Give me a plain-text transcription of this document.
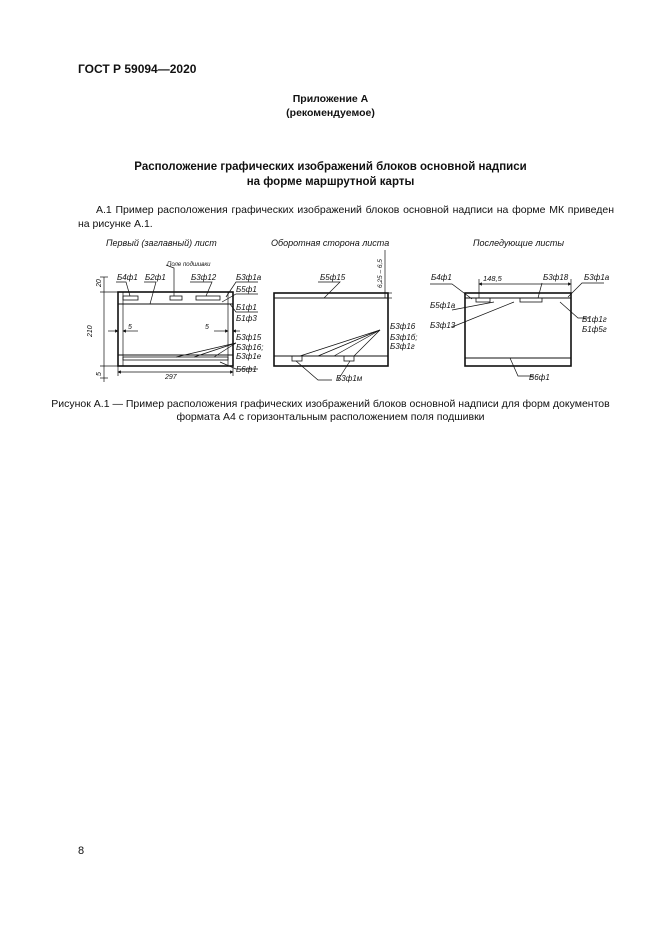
ГОСТ Р 59094—2020
Приложение А
(рекомендуемое)
Расположение графических изображений блоков основной надписи
на форме маршрутной карты
А.1 Пример расположения графических изображений блоков основной надписи на форме МК приведен на рисунке А.1.
Первый (заглавный) лист	Оборотная сторона листа	Последующие листы
Поле подшивки
Б4ф1 Б2ф1	Б3ф12 Б3ф1а
Б5ф1
Б1ф1
Б1ф3
Б3ф15
Б3ф16;
Б3ф1е
Б6ф1
20
210
5	297
5	5
Б5ф15
Б3ф16
Б3ф1б;
Б3ф1г
Б3ф1м
6,25 – 6,5	Б4ф1	Б3ф18 Б3ф1а
Б5ф1а
Б3ф13
Б1ф1г
Б1ф5г
Б6ф1
148,5
Рисунок А.1 — Пример расположения графических изображений блоков основной надписи для форм документов
формата А4 с горизонтальным расположением поля подшивки
8
